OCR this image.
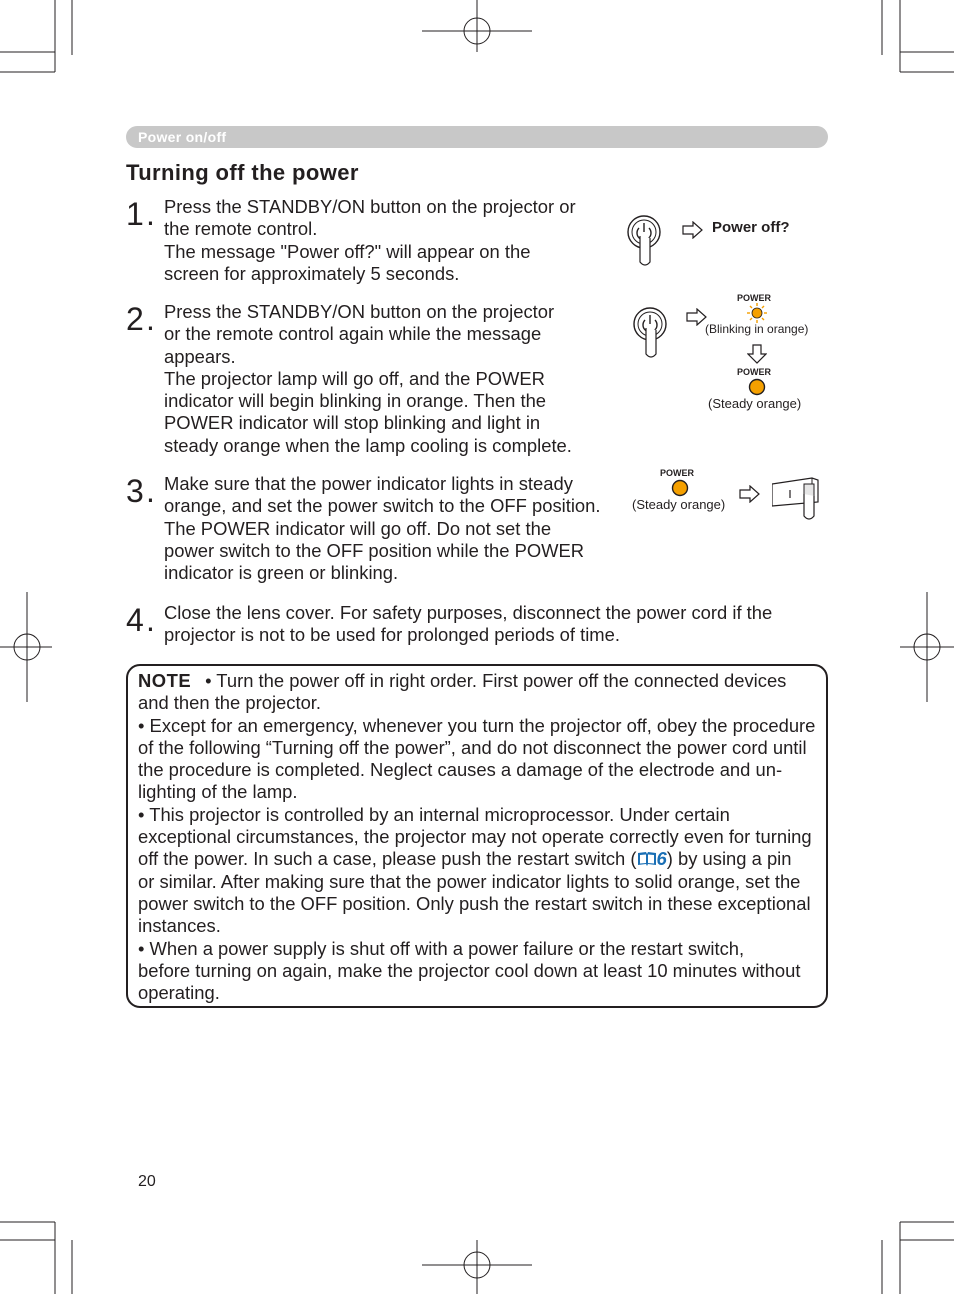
Power on/off
Turning off the power
1 . Press the STANDBY/ON button on the projector or
the remote control.
The message "Power off?" will appear on the
screen for approximately 5 seconds.
2 . Press the STANDBY/ON button on the projector
or the remote control again while the message
appears.
The projector lamp will go off, and the POWER
indicator will begin blinking in orange. Then the
POWER indicator will stop blinking and light in
steady orange when the lamp cooling is complete.
3 . Make sure that the power indicator lights in steady
orange, and set the power switch to the OFF position.
The POWER indicator will go off. Do not set the
power switch to the OFF position while the POWER
indicator is green or blinking.
4 . Close the lens cover. For safety purposes, disconnect the power cord if the
projector is not to be used for prolonged periods of time.
Power off?
POWER
(Blinking in orange)
POWER
(Steady orange)
POWER
(Steady orange)
NOTE • Turn the power off in right order. First power off the connected devices
and then the projector.
• Except for an emergency, whenever you turn the projector off, obey the procedure
of the following “Turning off the power”, and do not disconnect the power cord until
the procedure is completed. Neglect causes a damage of the electrode and un-
lighting of the lamp.
• This projector is controlled by an internal microprocessor. Under certain
exceptional circumstances, the projector may not operate correctly even for turning
off the power. In such a case, please push the restart switch ( 6) by using a pin
or similar. After making sure that the power indicator lights to solid orange, set the
power switch to the OFF position. Only push the restart switch in these exceptional
instances.
• When a power supply is shut off with a power failure or the restart switch,
before turning on again, make the projector cool down at least 10 minutes without
operating.
20
